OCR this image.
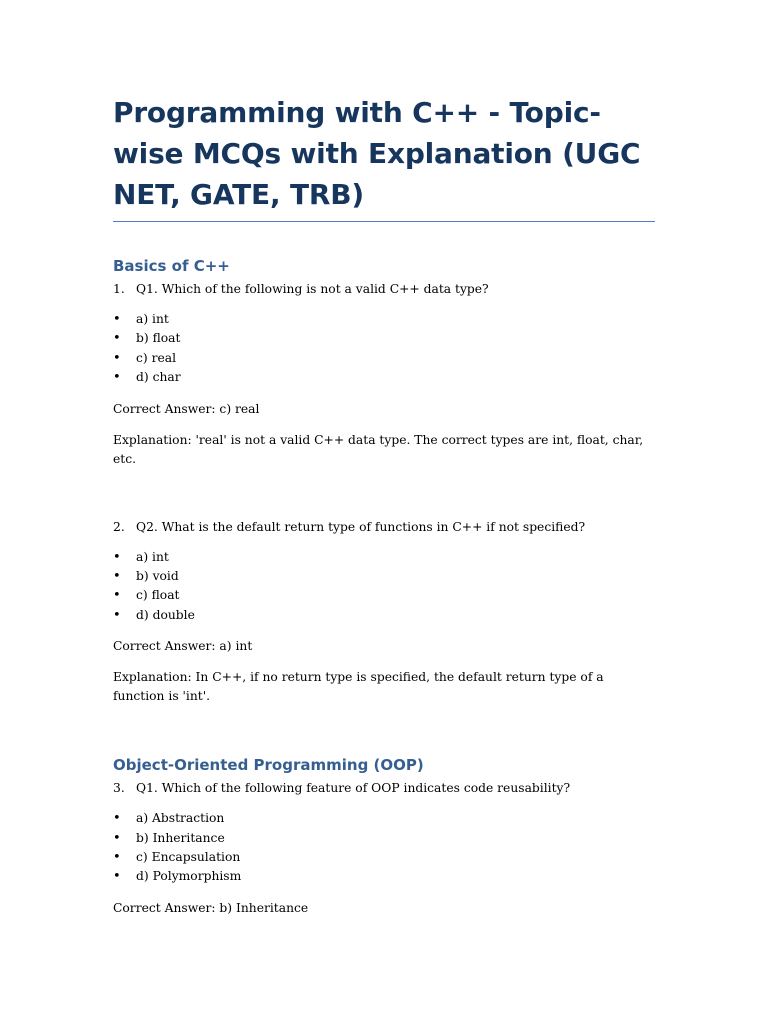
Programming with C++ - Topic-wise MCQs with Explanation (UGC NET, GATE, TRB)
Basics of C++

1. Q1. Which of the following is not a valid C++ data type?

• a) int
• b) float
• c) real
• d) char

Correct Answer: c) real

Explanation: 'real' is not a valid C++ data type. The correct types are int, float, char, etc.

2. Q2. What is the default return type of functions in C++ if not specified?

• a) int
• b) void
• c) float
• d) double

Correct Answer: a) int

Explanation: In C++, if no return type is specified, the default return type of a function is 'int'.

Object-Oriented Programming (OOP)

3. Q1. Which of the following feature of OOP indicates code reusability?

• a) Abstraction
• b) Inheritance
• c) Encapsulation
• d) Polymorphism

Correct Answer: b) Inheritance
